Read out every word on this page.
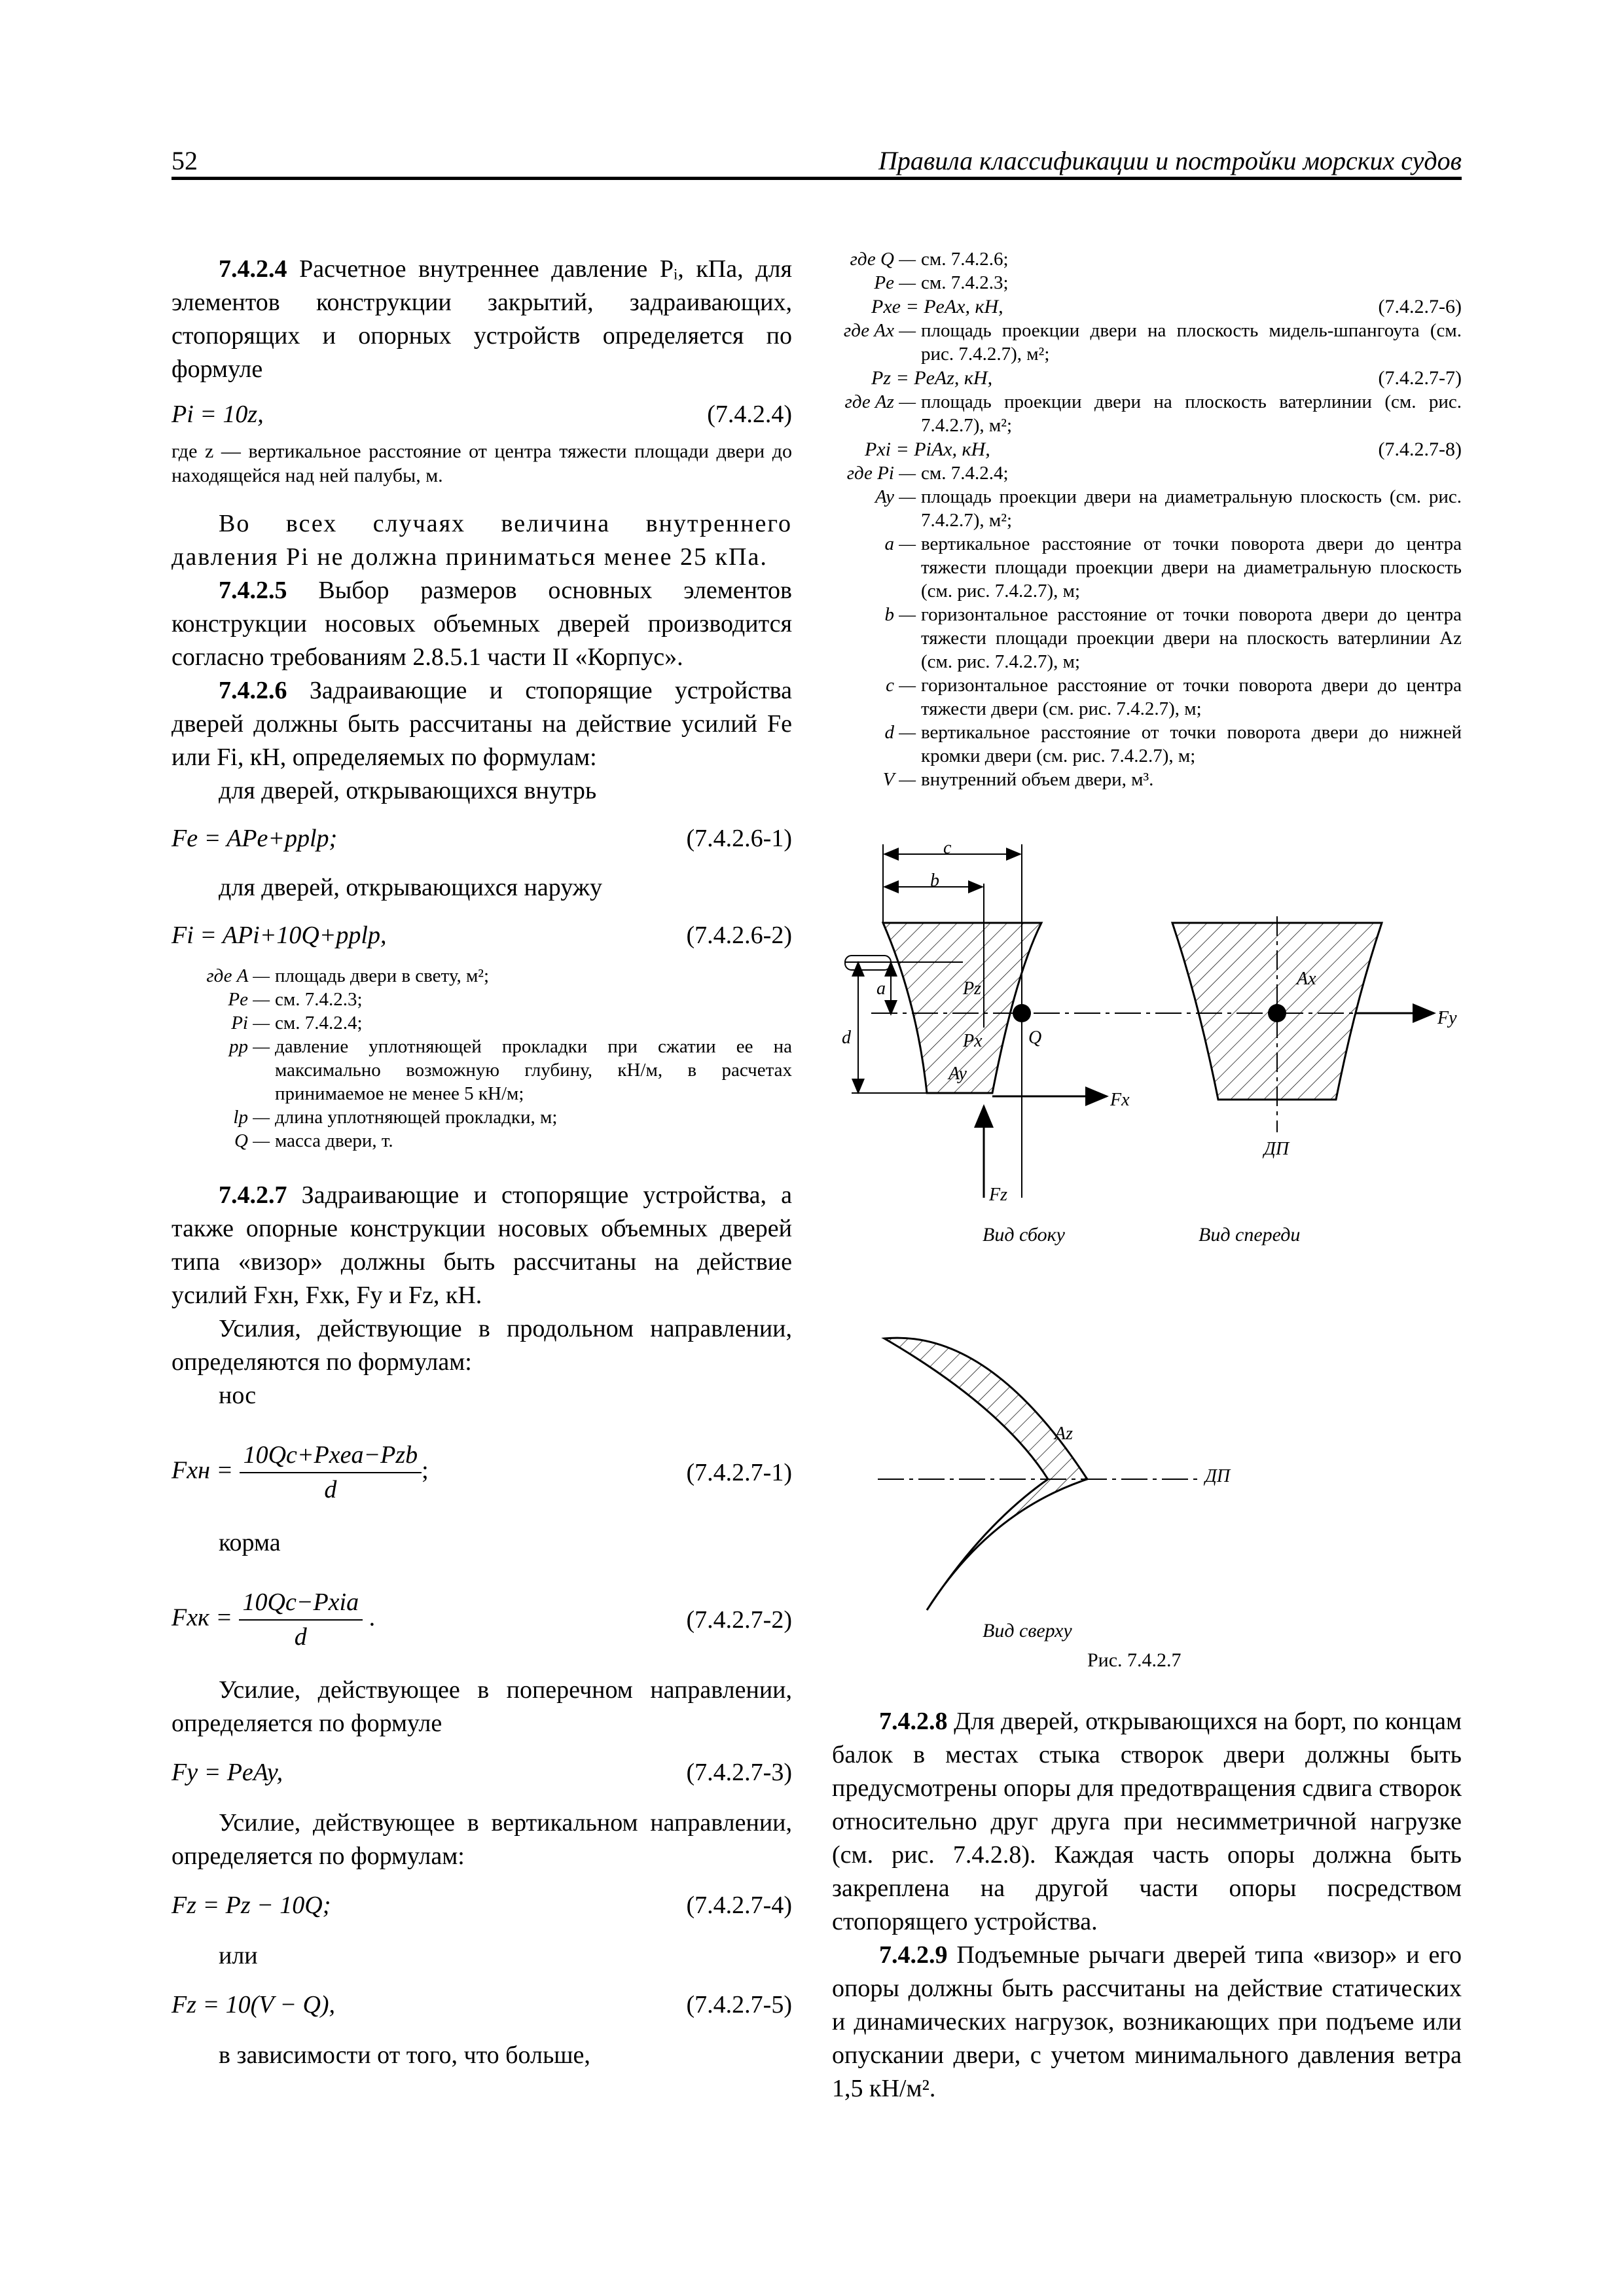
52	Правила классификации и постройки морских судов

7.4.2.4 Расчетное внутреннее давление Pᵢ, кПа, для элементов конструкции закрытий, задраивающих, стопорящих и опорных устройств определяется по формуле

Pi = 10z,	(7.4.2.4)

где z — вертикальное расстояние от центра тяжести площади двери до находящейся над ней палубы, м.

Во всех случаях величина внутреннего давления Pi не должна приниматься менее 25 кПа.

7.4.2.5 Выбор размеров основных элементов конструкции носовых объемных дверей производится согласно требованиям 2.8.5.1 части II «Корпус».

7.4.2.6 Задраивающие и стопорящие устройства дверей должны быть рассчитаны на действие усилий Fe или Fi, кН, определяемых по формулам:

для дверей, открывающихся внутрь

Fe = APe+pplp;	(7.4.2.6-1)

для дверей, открывающихся наружу

Fi = APi+10Q+pplp,	(7.4.2.6-2)
где A — площадь двери в свету, м²;
Pe — см. 7.4.2.3;
Pi — см. 7.4.2.4;
pp — давление уплотняющей прокладки при сжатии ее на максимально возможную глубину, кН/м, в расчетах принимаемое не менее 5 кН/м;
lp — длина уплотняющей прокладки, м;
Q — масса двери, т.

7.4.2.7 Задраивающие и стопорящие устройства, а также опорные конструкции носовых объемных дверей типа «визор» должны быть рассчитаны на действие усилий Fxн, Fxк, Fy и Fz, кН.

Усилия, действующие в продольном направлении, определяются по формулам:

нос

Fxн = $\frac{\text{10Qc+Pxea−Pzb}}{d}$ ;	(7.4.2.7-1)

корма

Fxк = $\frac{\text{10Qc−Pxia}}{d}$ .	(7.4.2.7-2)

Усилие, действующее в поперечном направлении, определяется по формуле

Fy = PeAy,	(7.4.2.7-3)

Усилие, действующее в вертикальном направлении, определяется по формулам:

Fz = Pz − 10Q;	(7.4.2.7-4)

или

Fz = 10(V − Q),	(7.4.2.7-5)

в зависимости от того, что больше,

где Q — см. 7.4.2.6;
Pe — см. 7.4.2.3;
Pxe = PeAx, кН,	(7.4.2.7-6)
где Ax — площадь проекции двери на плоскость мидель-шпангоута (см. рис. 7.4.2.7), м²;
Pz = PeAz, кН,	(7.4.2.7-7)
где Az — площадь проекции двери на плоскость ватерлинии (см. рис. 7.4.2.7), м²;
Pxi = PiAx, кН,	(7.4.2.7-8)
где Pi — см. 7.4.2.4;
Ay — площадь проекции двери на диаметральную плоскость (см. рис. 7.4.2.7), м²;
a — вертикальное расстояние от точки поворота двери до центра тяжести площади проекции двери на диаметральную плоскость (см. рис. 7.4.2.7), м;
b — горизонтальное расстояние от точки поворота двери до центра тяжести площади проекции двери на плоскость ватерлинии Az (см. рис. 7.4.2.7), м;
c — горизонтальное расстояние от точки поворота двери до центра тяжести двери (см. рис. 7.4.2.7), м;
d — вертикальное расстояние от точки поворота двери до нижней кромки двери (см. рис. 7.4.2.7), м;
V — внутренний объем двери, м³.
c
b
a
d
Pz
Px	Q
Ay
Fx
Fz
Ax
Fy
ДП
Az
ДП
Вид сбоку	Вид спереди
Вид сверху
Рис. 7.4.2.7

7.4.2.8 Для дверей, открывающихся на борт, по концам балок в местах стыка створок двери должны быть предусмотрены опоры для предотвращения сдвига створок относительно друг друга при несимметричной нагрузке (см. рис. 7.4.2.8). Каждая часть опоры должна быть закреплена на другой части опоры посредством стопорящего устройства.

7.4.2.9 Подъемные рычаги дверей типа «визор» и его опоры должны быть рассчитаны на действие статических и динамических нагрузок, возникающих при подъеме или опускании двери, с учетом минимального давления ветра 1,5 кН/м².
